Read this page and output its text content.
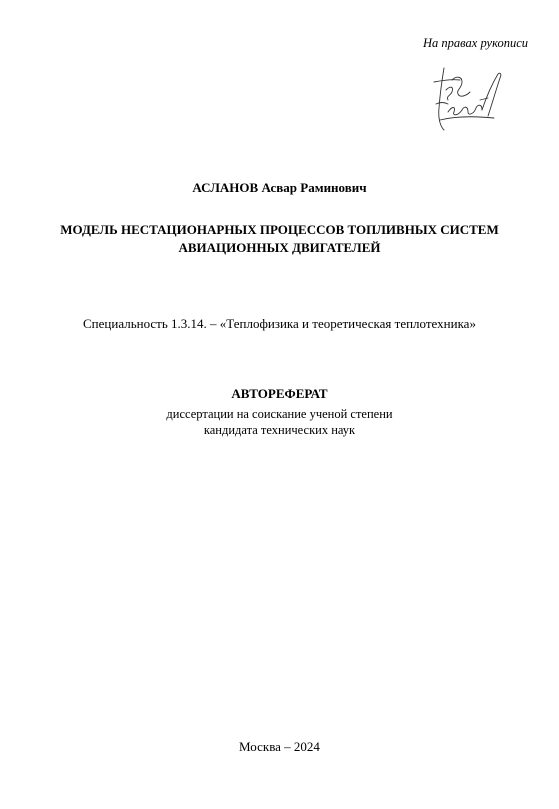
На правах рукописи
АСЛАНОВ Асвар Раминович
МОДЕЛЬ НЕСТАЦИОНАРНЫХ ПРОЦЕССОВ ТОПЛИВНЫХ СИСТЕМ
АВИАЦИОННЫХ ДВИГАТЕЛЕЙ
Специальность 1.3.14. – «Теплофизика и теоретическая теплотехника»
АВТОРЕФЕРАТ
диссертации на соискание ученой степени
кандидата технических наук
Москва – 2024
